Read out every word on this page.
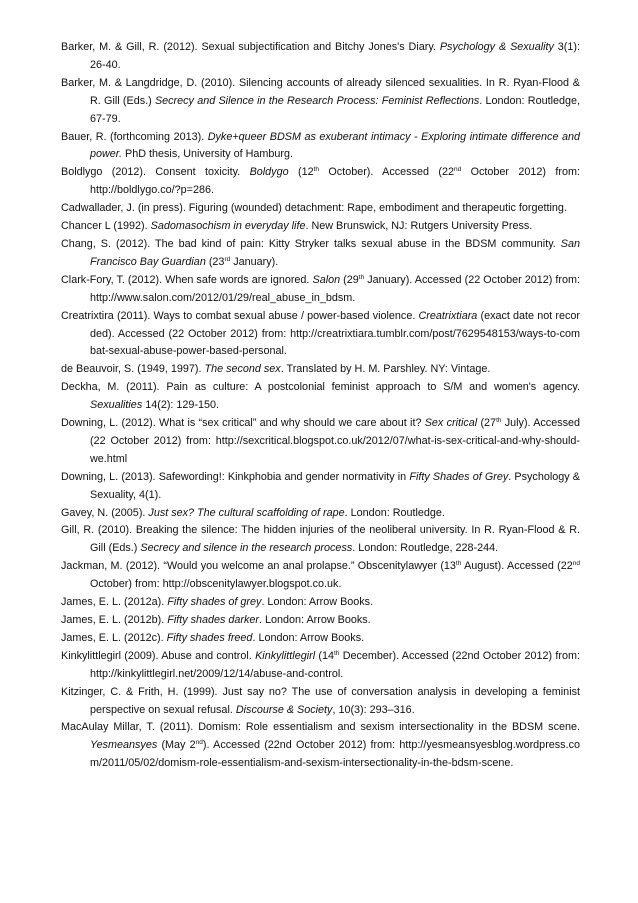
Barker, M. & Gill, R. (2012). Sexual subjectification and Bitchy Jones's Diary. Psychology & Sexuality 3(1): 26-40.

Barker, M. & Langdridge, D. (2010). Silencing accounts of already silenced sexualities. In R. Ryan-Flood & R. Gill (Eds.) Secrecy and Silence in the Research Process: Feminist Reflections. London: Routledge, 67-79.

Bauer, R. (forthcoming 2013). Dyke+queer BDSM as exuberant intimacy - Exploring intimate difference and power. PhD thesis, University of Hamburg.

Boldlygo (2012). Consent toxicity. Boldygo (12th October). Accessed (22nd October 2012) from: http://boldlygo.co/?p=286.

Cadwallader, J. (in press). Figuring (wounded) detachment: Rape, embodiment and therapeutic forgetting.

Chancer L (1992). Sadomasochism in everyday life. New Brunswick, NJ: Rutgers University Press.

Chang, S. (2012). The bad kind of pain: Kitty Stryker talks sexual abuse in the BDSM community. San Francisco Bay Guardian (23rd January).

Clark-Fory, T. (2012). When safe words are ignored. Salon (29th January). Accessed (22 October 2012) from: http://www.salon.com/2012/01/29/real_abuse_in_bdsm.

Creatrixtira (2011). Ways to combat sexual abuse / power-based violence. Creatrixtiara (exact date not recorded). Accessed (22 October 2012) from: http://creatrixtiara.tumblr.com/post/7629548153/ways-to-combat-sexual-abuse-power-based-personal.

de Beauvoir, S. (1949, 1997). The second sex. Translated by H. M. Parshley. NY: Vintage.

Deckha, M. (2011). Pain as culture: A postcolonial feminist approach to S/M and women's agency. Sexualities 14(2): 129-150.

Downing, L. (2012). What is “sex critical” and why should we care about it? Sex critical (27th July). Accessed (22 October 2012) from: http://sexcritical.blogspot.co.uk/2012/07/what-is-sex-critical-and-why-should-we.html

Downing, L. (2013). Safewording!: Kinkphobia and gender normativity in Fifty Shades of Grey. Psychology & Sexuality, 4(1).

Gavey, N. (2005). Just sex? The cultural scaffolding of rape. London: Routledge.

Gill, R. (2010). Breaking the silence: The hidden injuries of the neoliberal university. In R. Ryan-Flood & R. Gill (Eds.) Secrecy and silence in the research process. London: Routledge, 228-244.

Jackman, M. (2012). “Would you welcome an anal prolapse.” Obscenitylawyer (13th August). Accessed (22nd October) from: http://obscenitylawyer.blogspot.co.uk.

James, E. L. (2012a). Fifty shades of grey. London: Arrow Books.

James, E. L. (2012b). Fifty shades darker. London: Arrow Books.

James, E. L. (2012c). Fifty shades freed. London: Arrow Books.

Kinkylittlegirl (2009). Abuse and control. Kinkylittlegirl (14th December). Accessed (22nd October 2012) from: http://kinkylittlegirl.net/2009/12/14/abuse-and-control.

Kitzinger, C. & Frith, H. (1999). Just say no? The use of conversation analysis in developing a feminist perspective on sexual refusal. Discourse & Society, 10(3): 293–316.

MacAulay Millar, T. (2011). Domism: Role essentialism and sexism intersectionality in the BDSM scene. Yesmeansyes (May 2nd). Accessed (22nd October 2012) from: http://yesmeansyesblog.wordpress.com/2011/05/02/domism-role-essentialism-and-sexism-intersectionality-in-the-bdsm-scene.
